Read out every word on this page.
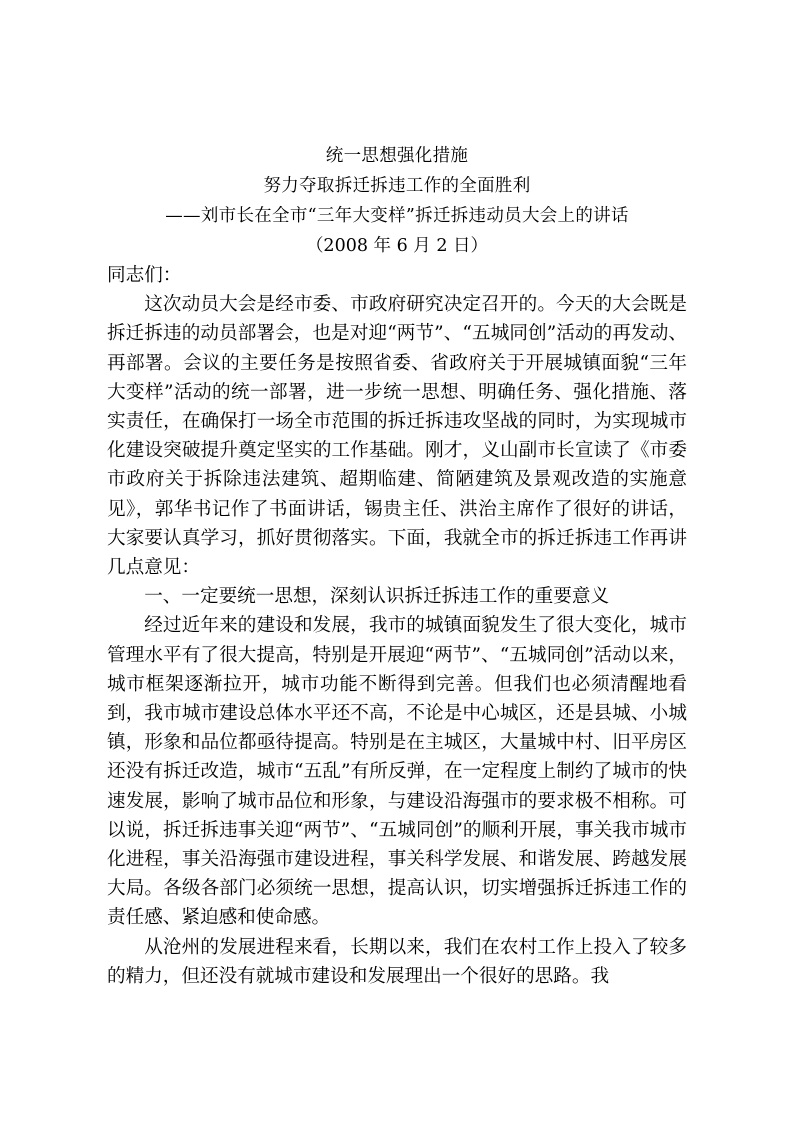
统一思想强化措施
努力夺取拆迁拆违工作的全面胜利
——刘市长在全市“三年大变样”拆迁拆违动员大会上的讲话
（2008 年 6 月 2 日）

同志们：

这次动员大会是经市委、市政府研究决定召开的。今天的大会既是拆迁拆违的动员部署会，也是对迎“两节”、“五城同创”活动的再发动、再部署。会议的主要任务是按照省委、省政府关于开展城镇面貌“三年大变样”活动的统一部署，进一步统一思想、明确任务、强化措施、落实责任，在确保打一场全市范围的拆迁拆违攻坚战的同时，为实现城市化建设突破提升奠定坚实的工作基础。刚才，义山副市长宣读了《市委市政府关于拆除违法建筑、超期临建、简陋建筑及景观改造的实施意见》，郭华书记作了书面讲话，锡贵主任、洪治主席作了很好的讲话，大家要认真学习，抓好贯彻落实。下面，我就全市的拆迁拆违工作再讲几点意见：

一、一定要统一思想，深刻认识拆迁拆违工作的重要意义

经过近年来的建设和发展，我市的城镇面貌发生了很大变化，城市管理水平有了很大提高，特别是开展迎“两节”、“五城同创”活动以来，城市框架逐渐拉开，城市功能不断得到完善。但我们也必须清醒地看到，我市城市建设总体水平还不高，不论是中心城区，还是县城、小城镇，形象和品位都亟待提高。特别是在主城区，大量城中村、旧平房区还没有拆迁改造，城市“五乱”有所反弹，在一定程度上制约了城市的快速发展，影响了城市品位和形象，与建设沿海强市的要求极不相称。可以说，拆迁拆违事关迎“两节”、“五城同创”的顺利开展，事关我市城市化进程，事关沿海强市建设进程，事关科学发展、和谐发展、跨越发展大局。各级各部门必须统一思想，提高认识，切实增强拆迁拆违工作的责任感、紧迫感和使命感。

从沧州的发展进程来看，长期以来，我们在农村工作上投入了较多的精力，但还没有就城市建设和发展理出一个很好的思路。我
